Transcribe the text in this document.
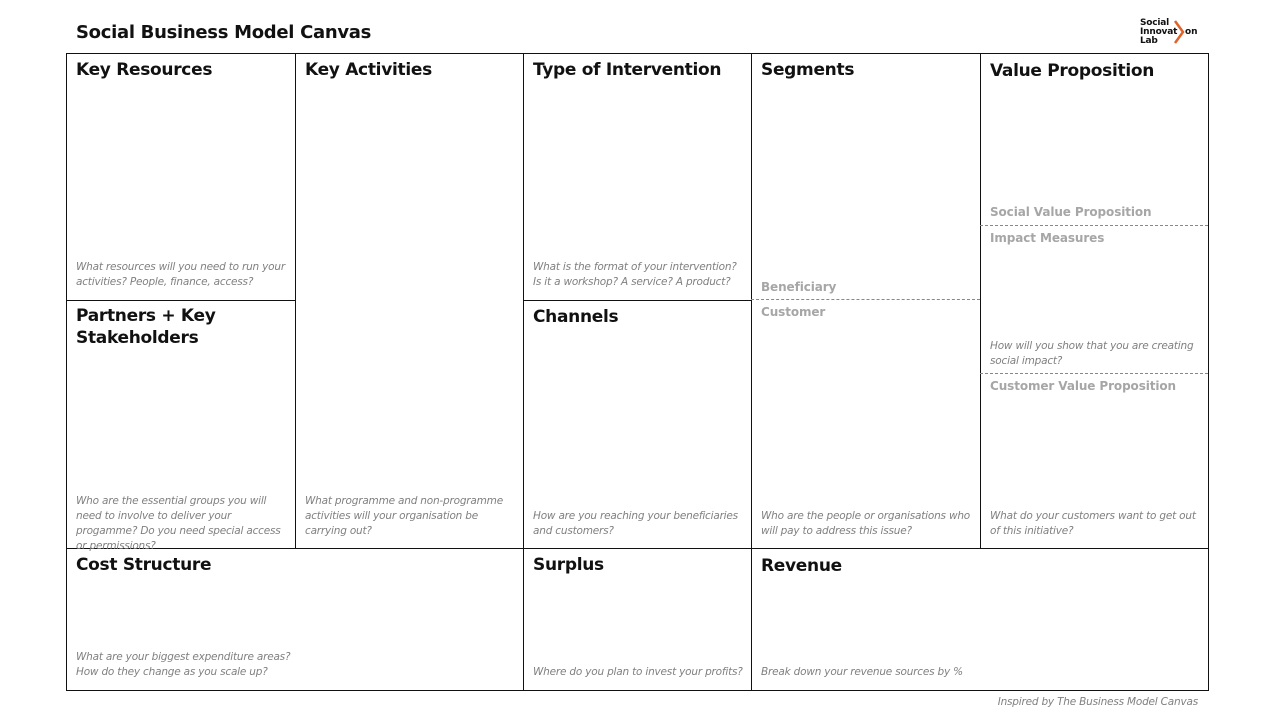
Social Business Model Canvas	Social
Innovat on
Lab
Key Resources
What resources will you need to run your activities? People, finance, access?
Partners + Key Stakeholders
Who are the essential groups you will need to involve to deliver your progamme? Do you need special access or permissions?
Key Activities
What programme and non-programme activities will your organisation be carrying out?
Type of Intervention
What is the format of your intervention? Is it a workshop? A service? A product?
Channels
How are you reaching your beneficiaries and customers?
Segments
Beneficiary
Customer
Who are the people or organisations who will pay to address this issue?
Value Proposition
Social Value Proposition
Impact Measures
How will you show that you are creating social impact?
Customer Value Proposition
What do your customers want to get out of this initiative?
Cost Structure
What are your biggest expenditure areas? How do they change as you scale up?
Surplus
Where do you plan to invest your profits?
Revenue
Break down your revenue sources by %
Inspired by The Business Model Canvas
